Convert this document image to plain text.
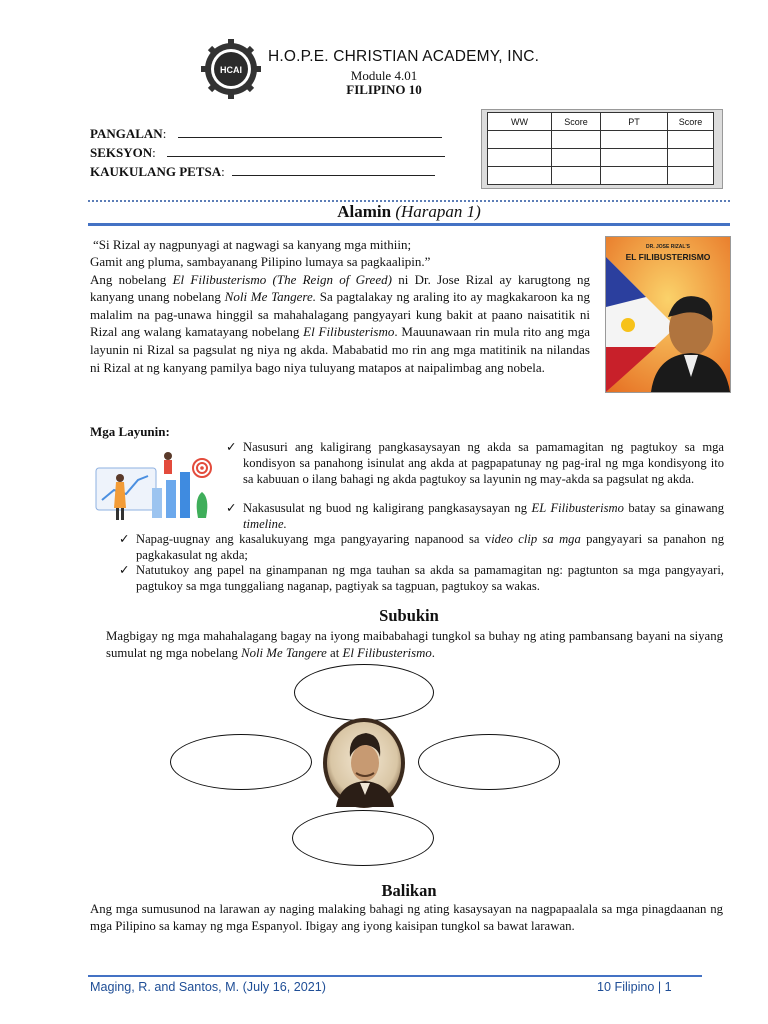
HCAI
H.O.P.E. CHRISTIAN ACADEMY, INC.
Module 4.01
FILIPINO 10
PANGALAN:
SEKSYON:
KAUKULANG PETSA:
WW	Score	PT	Score

Alamin (Harapan 1)
“Si Rizal ay nagpunyagi at nagwagi sa kanyang mga mithiin;
Gamit ang pluma, sambayanang Pilipino lumaya sa pagkaalipin.”
Ang nobelang El Filibusterismo (The Reign of Greed) ni Dr. Jose Rizal ay karugtong ng kanyang unang nobelang Noli Me Tangere. Sa pagtalakay ng araling ito ay magkakaroon ka ng malalim na pag-unawa hinggil sa mahahalagang pangyayari kung bakit at paano naisatitik ni Rizal ang walang kamatayang nobelang El Filibusterismo. Mauunawaan rin mula rito ang mga layunin ni Rizal sa pagsulat ng niya ng akda. Mababatid mo rin ang mga matitinik na nilandas ni Rizal at ng kanyang pamilya bago niya tuluyang matapos at naipalimbag ang nobela.
DR. JOSE RIZAL'S
EL FILIBUSTERISMO
Mga Layunin:
✓ Nasusuri ang kaligirang pangkasaysayan ng akda sa pamamagitan ng pagtukoy sa mga kondisyon sa panahong isinulat ang akda at pagpapatunay ng pag-iral ng mga kondisyong ito sa kabuuan o ilang bahagi ng akda pagtukoy sa layunin ng may-akda sa pagsulat ng akda.
✓ Nakasusulat ng buod ng kaligirang pangkasaysayan ng EL Filibusterismo batay sa ginawang timeline.
✓ Napag-uugnay ang kasalukuyang mga pangyayaring napanood sa video clip sa mga pangyayari sa panahon ng pagkakasulat ng akda;
✓ Natutukoy ang papel na ginampanan ng mga tauhan sa akda sa pamamagitan ng: pagtunton sa mga pangyayari, pagtukoy sa mga tunggaliang naganap, pagtiyak sa tagpuan, pagtukoy sa wakas.
Subukin
Magbigay ng mga mahahalagang bagay na iyong maibabahagi tungkol sa buhay ng ating pambansang bayani na siyang sumulat ng mga nobelang Noli Me Tangere at El Filibusterismo.
Balikan
Ang mga sumusunod na larawan ay naging malaking bahagi ng ating kasaysayan na nagpapaalala sa mga pinagdaanan ng mga Pilipino sa kamay ng mga Espanyol. Ibigay ang iyong kaisipan tungkol sa bawat larawan.
Maging, R. and Santos, M. (July 16, 2021)	10 Filipino | 1
